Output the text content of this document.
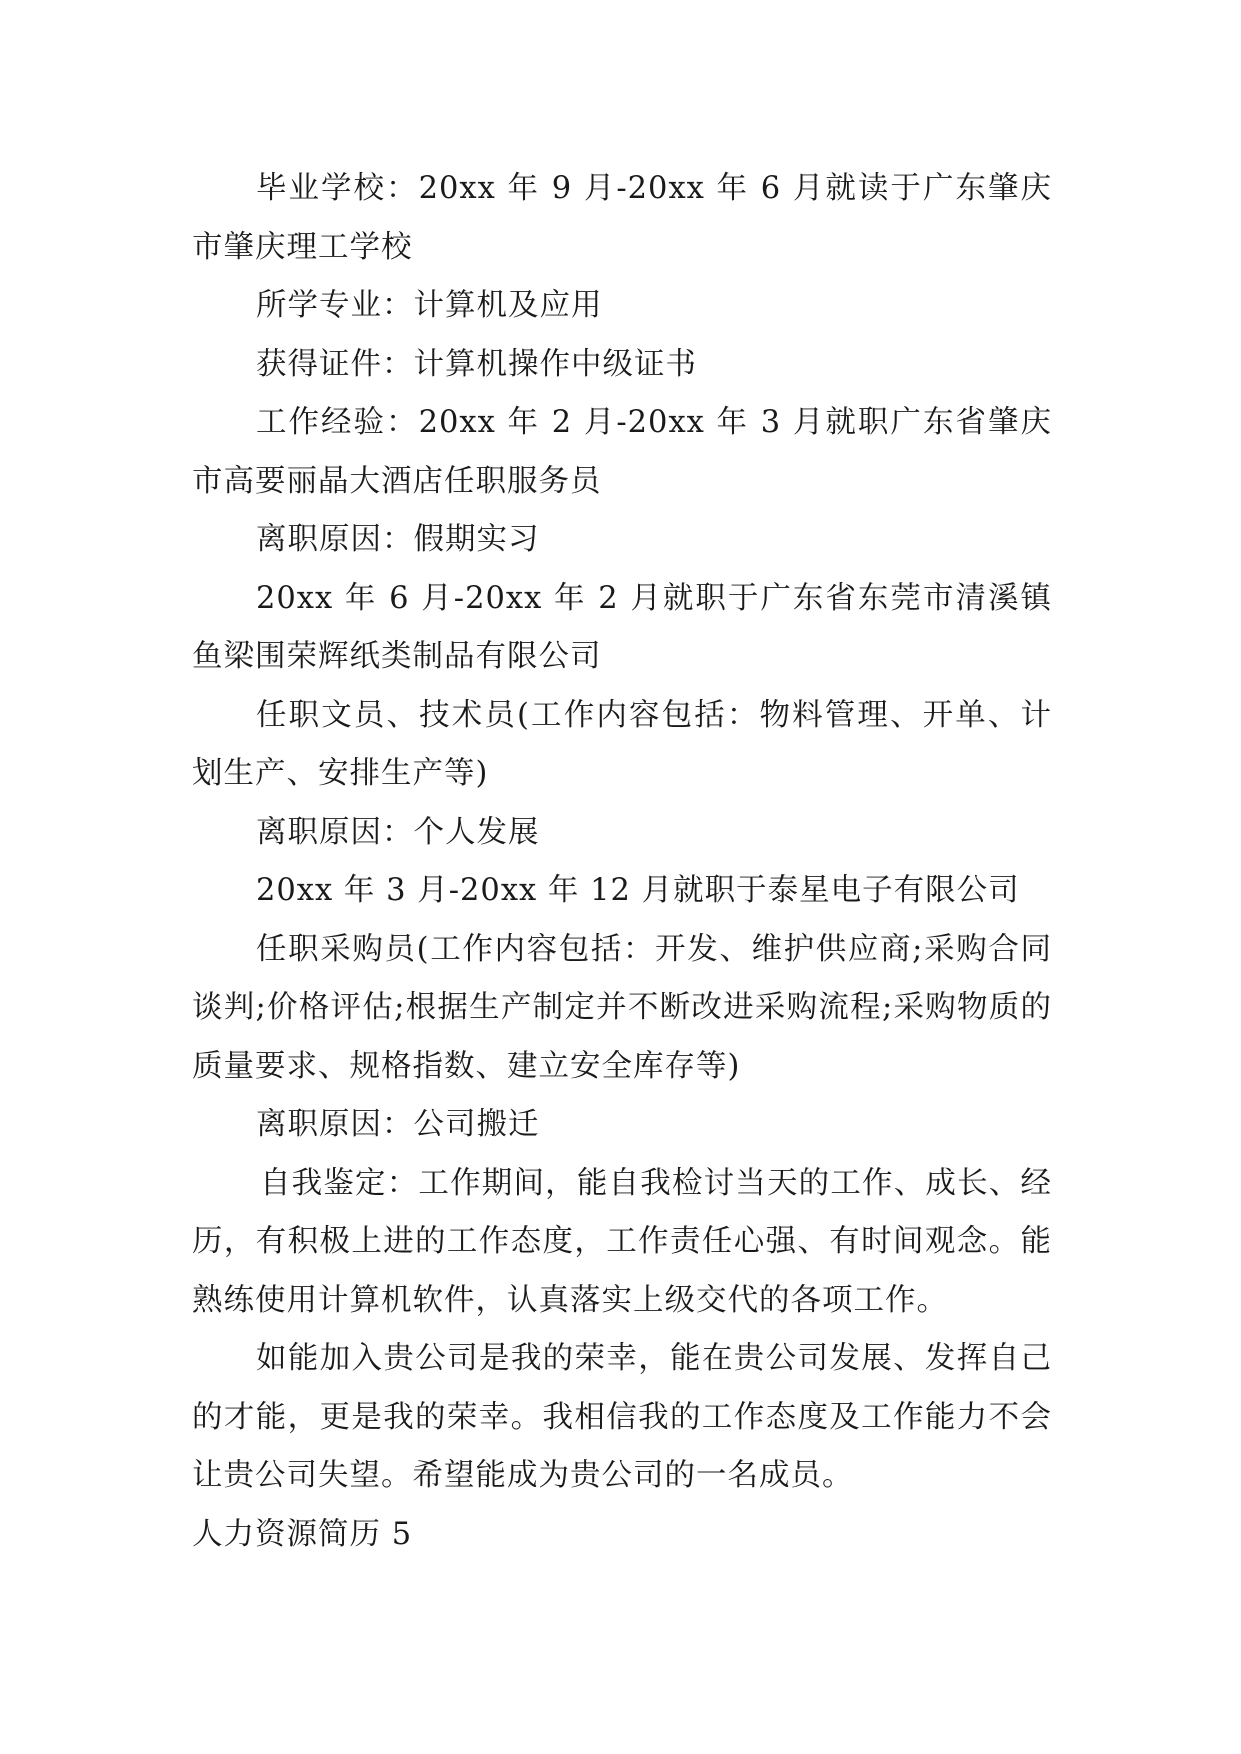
毕业学校：20xx 年 9 月-20xx 年 6 月就读于广东肇庆市肇庆理工学校

所学专业：计算机及应用

获得证件：计算机操作中级证书

工作经验：20xx 年 2 月-20xx 年 3 月就职广东省肇庆市高要丽晶大酒店任职服务员

离职原因：假期实习

20xx 年 6 月-20xx 年 2 月就职于广东省东莞市清溪镇鱼梁围荣辉纸类制品有限公司

任职文员、技术员(工作内容包括：物料管理、开单、计划生产、安排生产等)

离职原因：个人发展

20xx 年 3 月-20xx 年 12 月就职于泰星电子有限公司

任职采购员(工作内容包括：开发、维护供应商;采购合同谈判;价格评估;根据生产制定并不断改进采购流程;采购物质的质量要求、规格指数、建立安全库存等)

离职原因：公司搬迁

自我鉴定：工作期间，能自我检讨当天的工作、成长、经历，有积极上进的工作态度，工作责任心强、有时间观念。能熟练使用计算机软件，认真落实上级交代的各项工作。

如能加入贵公司是我的荣幸，能在贵公司发展、发挥自己的才能，更是我的荣幸。我相信我的工作态度及工作能力不会让贵公司失望。希望能成为贵公司的一名成员。

人力资源简历 5
